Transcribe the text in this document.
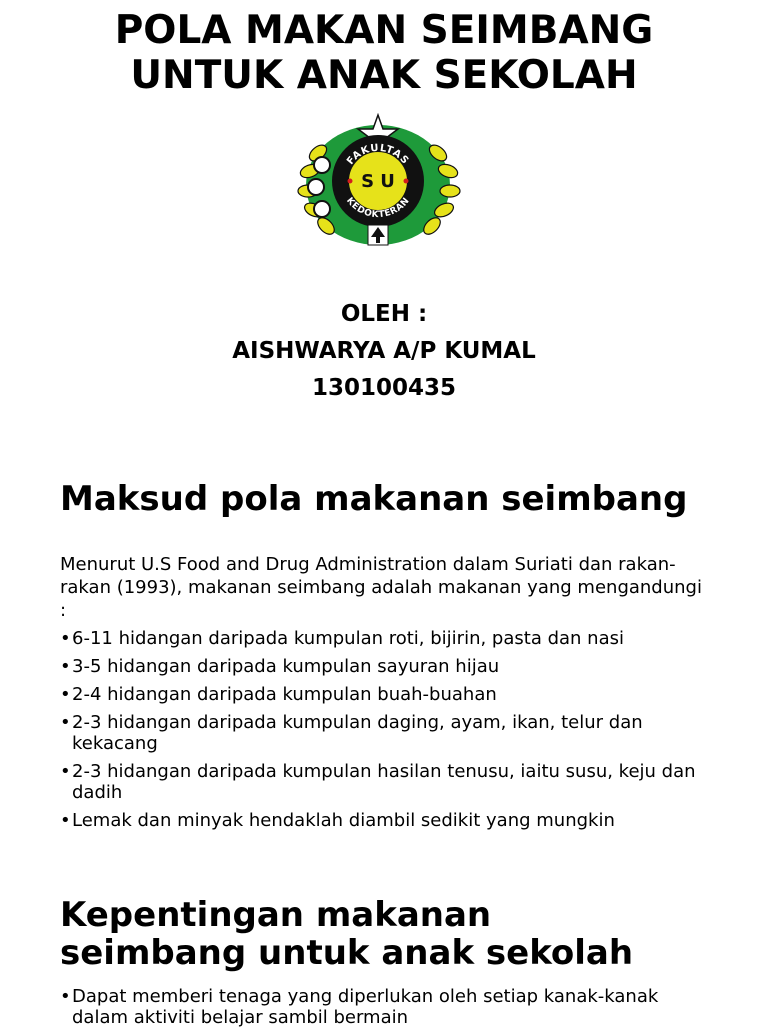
POLA MAKAN SEIMBANG
UNTUK ANAK SEKOLAH
FAKULTAS
KEDOKTERAN
S U
OLEH :
AISHWARYA A/P KUMAL
130100435
Maksud pola makanan seimbang

Menurut U.S Food and Drug Administration dalam Suriati dan rakan-rakan (1993), makanan seimbang adalah makanan yang mengandungi :

• 6-11 hidangan daripada kumpulan roti, bijirin, pasta dan nasi
• 3-5 hidangan daripada kumpulan sayuran hijau
• 2-4 hidangan daripada kumpulan buah-buahan
• 2-3 hidangan daripada kumpulan daging, ayam, ikan, telur dan kekacang
• 2-3 hidangan daripada kumpulan hasilan tenusu, iaitu susu, keju dan dadih
• Lemak dan minyak hendaklah diambil sedikit yang mungkin
Kepentingan makanan
seimbang untuk anak sekolah
• Dapat memberi tenaga yang diperlukan oleh setiap kanak-kanak dalam aktiviti belajar sambil bermain
